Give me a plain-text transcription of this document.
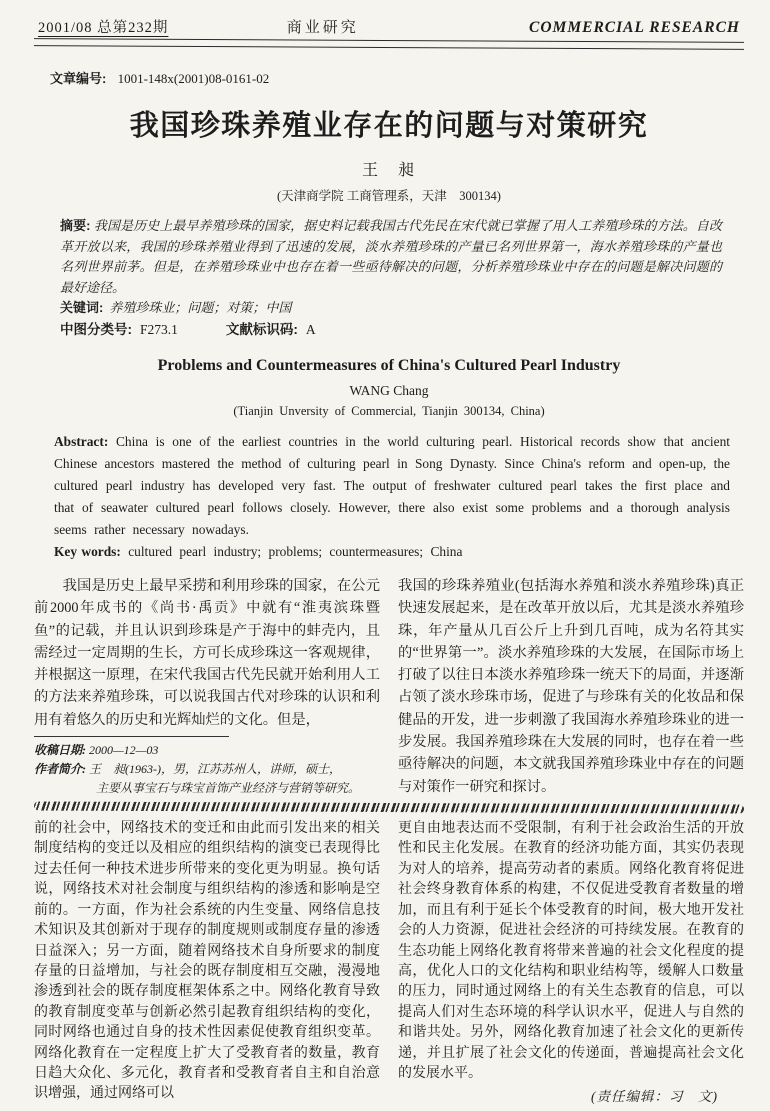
2001/08 总第232期	商业研究	COMMERCIAL RESEARCH
文章编号: 1001-148x(2001)08-0161-02
我国珍珠养殖业存在的问题与对策研究
王　昶
(天津商学院 工商管理系，天津　300134)

摘要: 我国是历史上最早养殖珍珠的国家，据史料记载我国古代先民在宋代就已掌握了用人工养殖珍珠的方法。自改革开放以来，我国的珍珠养殖业得到了迅速的发展，淡水养殖珍珠的产量已名列世界第一，海水养殖珍珠的产量也名列世界前茅。但是，在养殖珍珠业中也存在着一些亟待解决的问题，分析养殖珍珠业中存在的问题是解决问题的最好途径。

关键词: 养殖珍珠业；问题；对策；中国

中图分类号: F273.1	文献标识码: A

Problems and Countermeasures of China's Cultured Pearl Industry
WANG Chang
(Tianjin Unversity of Commercial, Tianjin 300134, China)

Abstract: China is one of the earliest countries in the world culturing pearl. Historical records show that ancient Chinese ancestors mastered the method of culturing pearl in Song Dynasty. Since China's reform and open-up, the cultured pearl industry has developed very fast. The output of freshwater cultured pearl takes the first place and that of seawater cultured pearl follows closely. However, there also exist some problems and a thorough analysis seems rather necessary nowadays.
Key words: cultured pearl industry; problems; countermeasures; China

我国是历史上最早采捞和利用珍珠的国家，在公元前2000年成书的《尚书·禹贡》中就有“淮夷滨珠暨鱼”的记载，并且认识到珍珠是产于海中的蚌壳内，且需经过一定周期的生长，方可长成珍珠这一客观规律，并根据这一原理，在宋代我国古代先民就开始利用人工的方法来养殖珍珠，可以说我国古代对珍珠的认识和利用有着悠久的历史和光辉灿烂的文化。但是，

收稿日期: 2000—12—03
作者简介: 王　昶(1963-)，男，江苏苏州人，讲师，硕士，
主要从事宝石与珠宝首饰产业经济与营销等研究。

我国的珍珠养殖业(包括海水养殖和淡水养殖珍珠)真正快速发展起来，是在改革开放以后，尤其是淡水养殖珍珠，年产量从几百公斤上升到几百吨，成为名符其实的“世界第一”。淡水养殖珍珠的大发展，在国际市场上打破了以往日本淡水养殖珍珠一统天下的局面，并逐渐占领了淡水珍珠市场，促进了与珍珠有关的化妆品和保健品的开发，进一步刺激了我国海水养殖珍珠业的进一步发展。我国养殖珍珠在大发展的同时，也存在着一些亟待解决的问题，本文就我国养殖珍珠业中存在的问题与对策作一研究和探讨。

前的社会中，网络技术的变迁和由此而引发出来的相关制度结构的变迁以及相应的组织结构的演变已表现得比过去任何一种技术进步所带来的变化更为明显。换句话说，网络技术对社会制度与组织结构的渗透和影响是空前的。一方面，作为社会系统的内生变量、网络信息技术知识及其创新对于现存的制度规则或制度存量的渗透日益深入；另一方面，随着网络技术自身所要求的制度存量的日益增加，与社会的既存制度相互交融，漫漫地渗透到社会的既存制度框架体系之中。网络化教育导致的教育制度变革与创新必然引起教育组织结构的变化，同时网络也通过自身的技术性因素促使教育组织变革。网络化教育在一定程度上扩大了受教育者的数量，教育日趋大众化、多元化，教育者和受教育者自主和自治意识增强，通过网络可以

更自由地表达而不受限制，有利于社会政治生活的开放性和民主化发展。在教育的经济功能方面，其实仍表现为对人的培养，提高劳动者的素质。网络化教育将促进社会终身教育体系的构建，不仅促进受教育者数量的增加，而且有利于延长个体受教育的时间，极大地开发社会的人力资源，促进社会经济的可持续发展。在教育的生态功能上网络化教育将带来普遍的社会文化程度的提高，优化人口的文化结构和职业结构等，缓解人口数量的压力，同时通过网络上的有关生态教育的信息，可以提高人们对生态环境的科学认识水平，促进人与自然的和谐共处。另外，网络化教育加速了社会文化的更新传递，并且扩展了社会文化的传递面，普遍提高社会文化的发展水平。

(责任编辑：习　文)
